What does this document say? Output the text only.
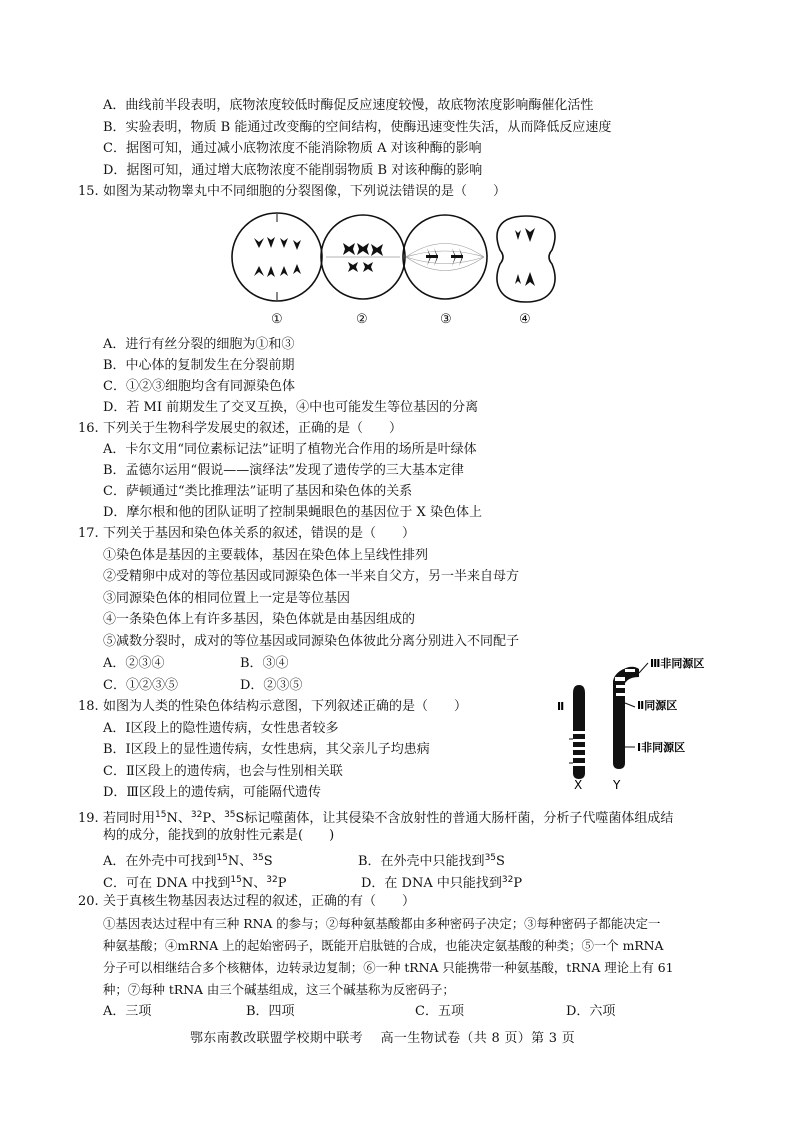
A．曲线前半段表明，底物浓度较低时酶促反应速度较慢，故底物浓度影响酶催化活性
B．实验表明，物质 B 能通过改变酶的空间结构，使酶迅速变性失活，从而降低反应速度
C．据图可知，通过减小底物浓度不能消除物质 A 对该种酶的影响
D．据图可知，通过增大底物浓度不能削弱物质 B 对该种酶的影响
15. 如图为某动物睾丸中不同细胞的分裂图像，下列说法错误的是（　　）
①	②	③	④
A．进行有丝分裂的细胞为①和③
B．中心体的复制发生在分裂前期
C．①②③细胞均含有同源染色体
D．若 MI 前期发生了交叉互换，④中也可能发生等位基因的分离
16. 下列关于生物科学发展史的叙述，正确的是（　　）
A．卡尔文用“同位素标记法”证明了植物光合作用的场所是叶绿体
B．孟德尔运用“假说——演绎法”发现了遗传学的三大基本定律
C．萨顿通过“类比推理法”证明了基因和染色体的关系
D．摩尔根和他的团队证明了控制果蝇眼色的基因位于 X 染色体上
17. 下列关于基因和染色体关系的叙述，错误的是（　　）
①染色体是基因的主要载体，基因在染色体上呈线性排列
②受精卵中成对的等位基因或同源染色体一半来自父方，另一半来自母方
③同源染色体的相同位置上一定是等位基因
④一条染色体上有许多基因，染色体就是由基因组成的
⑤减数分裂时，成对的等位基因或同源染色体彼此分离分别进入不同配子
A．②③④	B．③④
C．①②③⑤	D．②③⑤
Ⅲ非同源区
Ⅱ同源区
Ⅰ非同源区
Ⅱ
X	Y
18. 如图为人类的性染色体结构示意图，下列叙述正确的是（　　）
A．Ⅰ区段上的隐性遗传病，女性患者较多
B．Ⅰ区段上的显性遗传病，女性患病，其父亲儿子均患病
C．Ⅱ区段上的遗传病，也会与性别相关联
D．Ⅲ区段上的遗传病，可能隔代遗传
19. 若同时用$^{15}$N、$^{32}$P、$^{35}$S标记噬菌体，让其侵染不含放射性的普通大肠杆菌，分析子代噬菌体组成结
构的成分，能找到的放射性元素是(　　)
A．在外壳中可找到$^{15}$N、$^{35}$S	B．在外壳中只能找到$^{35}$S
C．可在 DNA 中找到$^{15}$N、$^{32}$P	D．在 DNA 中只能找到$^{32}$P
20. 关于真核生物基因表达过程的叙述，正确的有（　　）
①基因表达过程中有三种 RNA 的参与；②每种氨基酸都由多种密码子决定；③每种密码子都能决定一
种氨基酸；④mRNA 上的起始密码子，既能开启肽链的合成，也能决定氨基酸的种类；⑤一个 mRNA
分子可以相继结合多个核糖体，边转录边复制；⑥一种 tRNA 只能携带一种氨基酸，tRNA 理论上有 61
种；⑦每种 tRNA 由三个碱基组成，这三个碱基称为反密码子；
A．三项	B．四项	C．五项	D．六项
鄂东南教改联盟学校期中联考　 高一生物试卷（共 8 页）第 3 页
